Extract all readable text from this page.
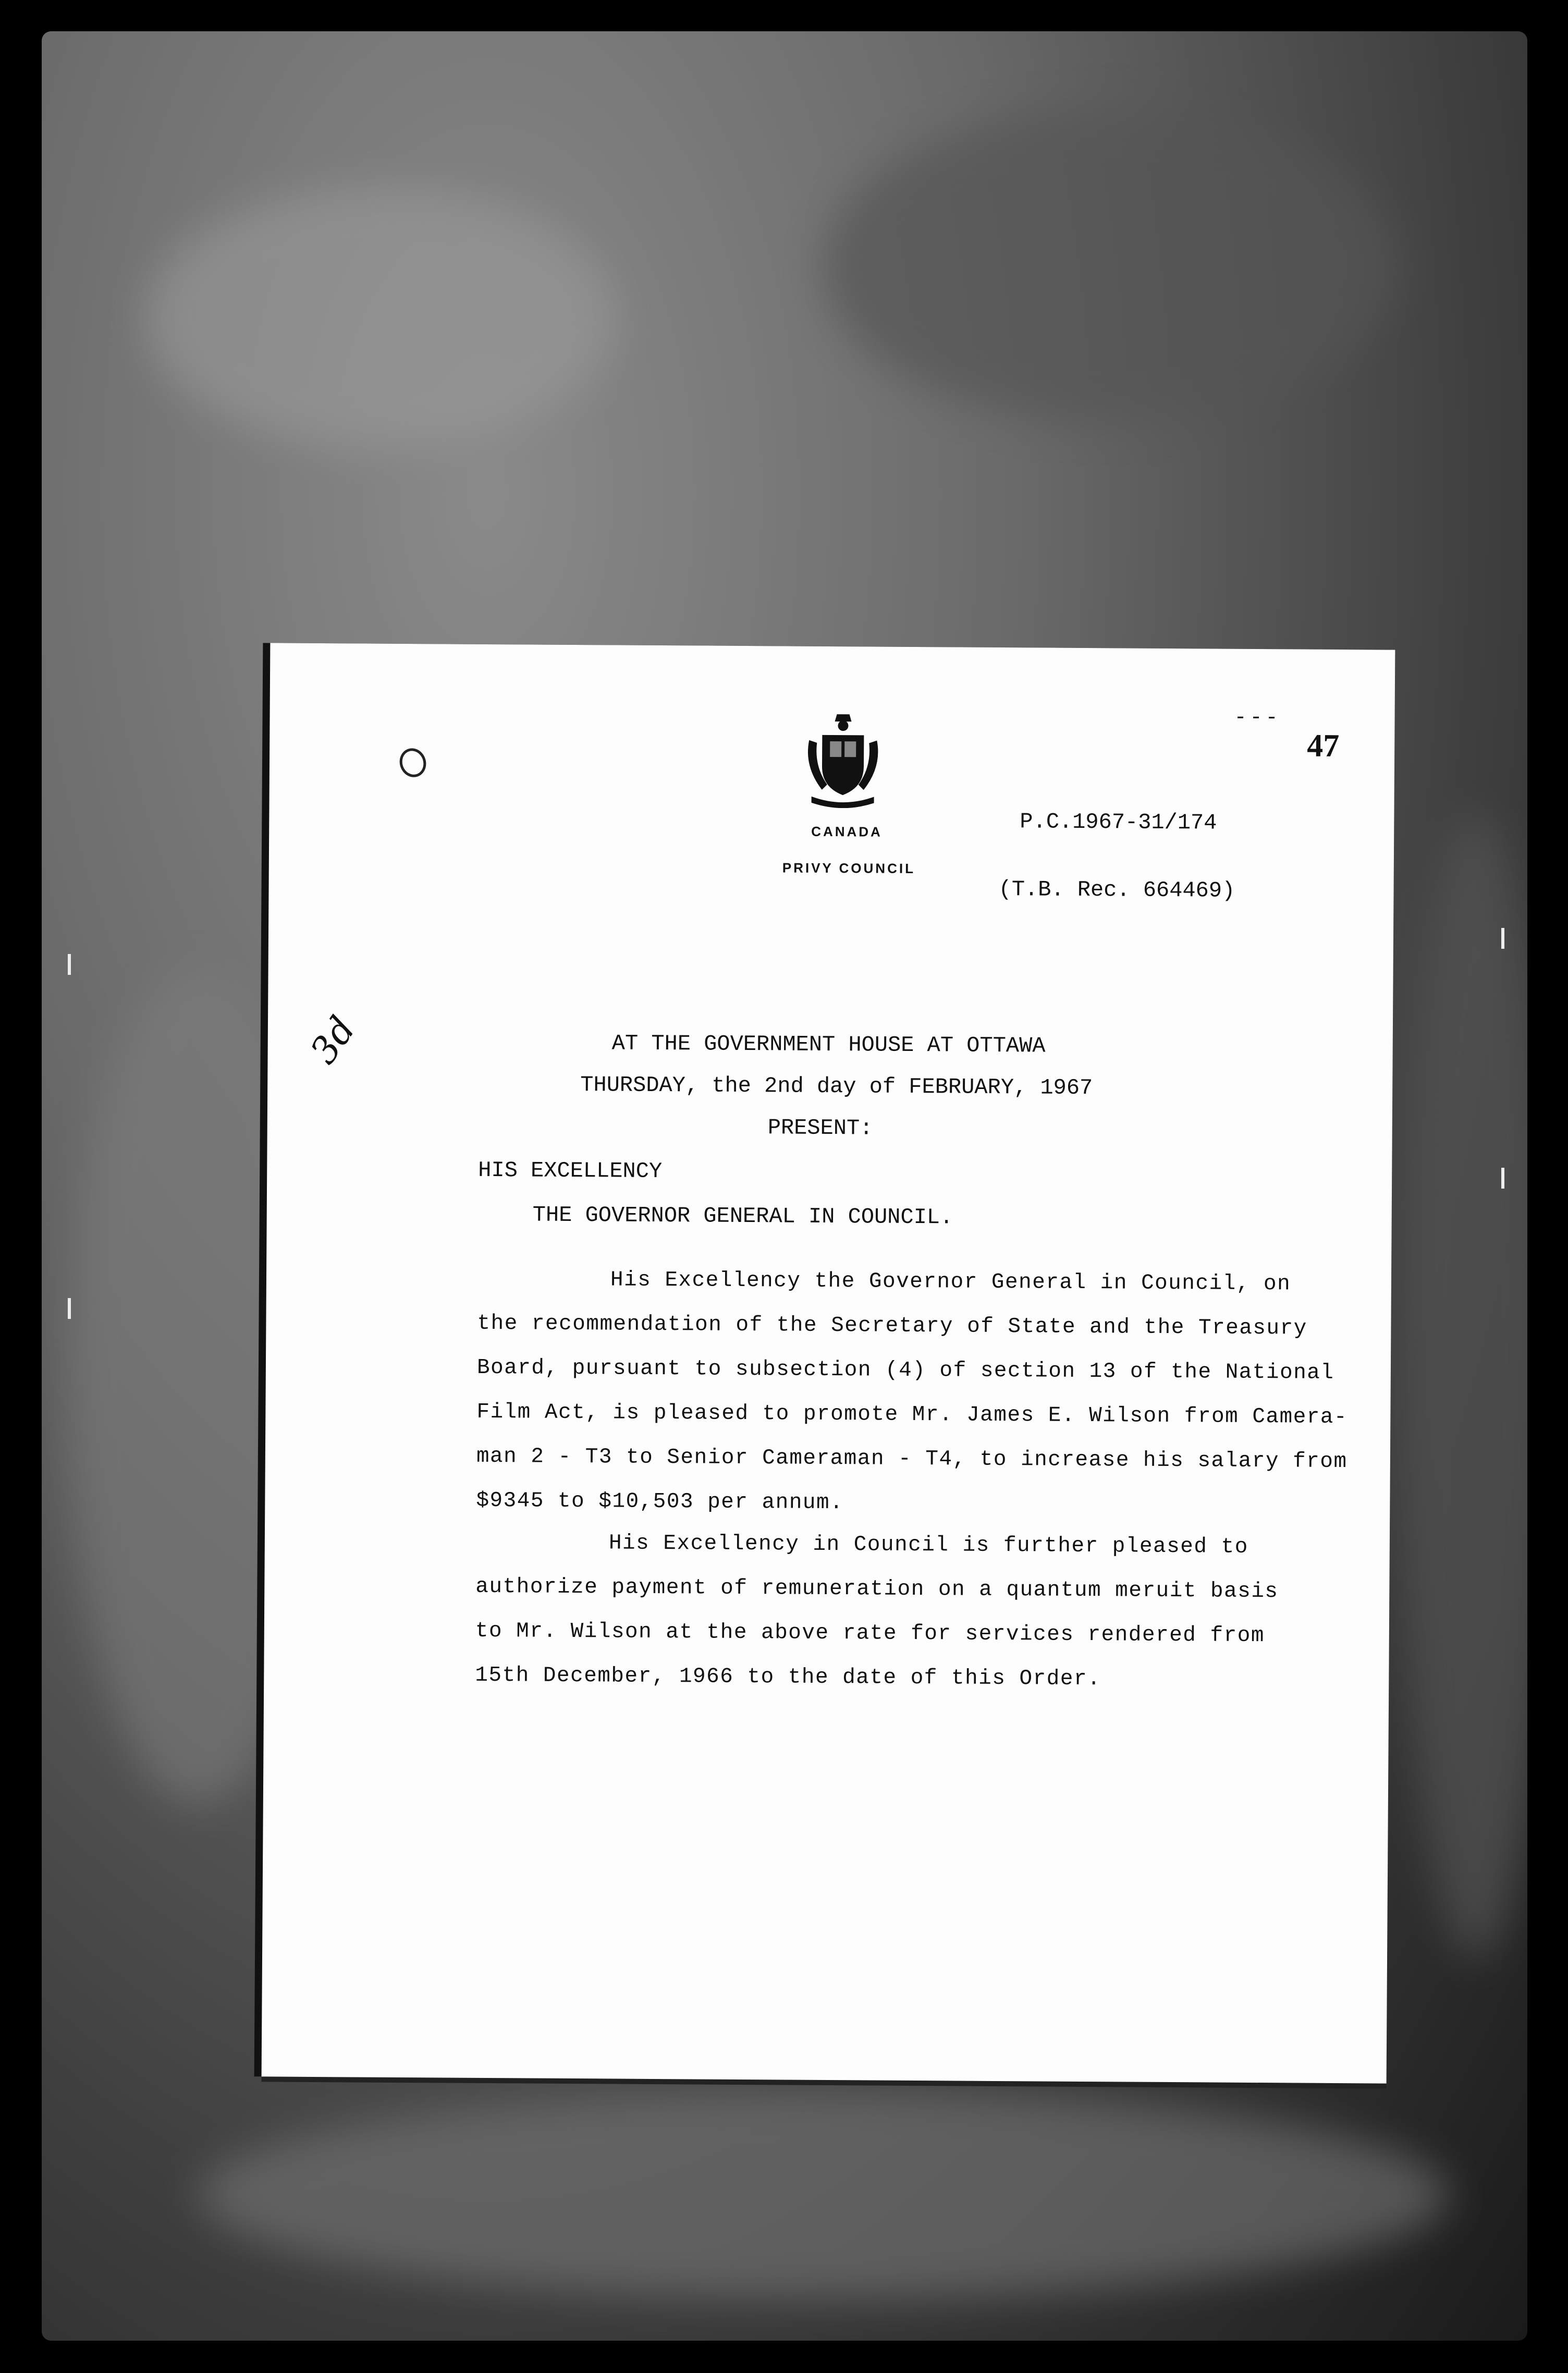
---
47
CANADA
PRIVY COUNCIL
P.C.1967-31/174
(T.B. Rec. 664469)
3d	AT THE GOVERNMENT HOUSE AT OTTAWA
THURSDAY, the 2nd day of FEBRUARY, 1967
PRESENT:
HIS EXCELLENCY
THE GOVERNOR GENERAL IN COUNCIL.
His Excellency the Governor General in Council, on
the recommendation of the Secretary of State and the Treasury
Board, pursuant to subsection (4) of section 13 of the National
Film Act, is pleased to promote Mr. James E. Wilson from Camera-
man 2 - T3 to Senior Cameraman - T4, to increase his salary from
$9345 to $10,503 per annum.
His Excellency in Council is further pleased to
authorize payment of remuneration on a quantum meruit basis
to Mr. Wilson at the above rate for services rendered from
15th December, 1966 to the date of this Order.
